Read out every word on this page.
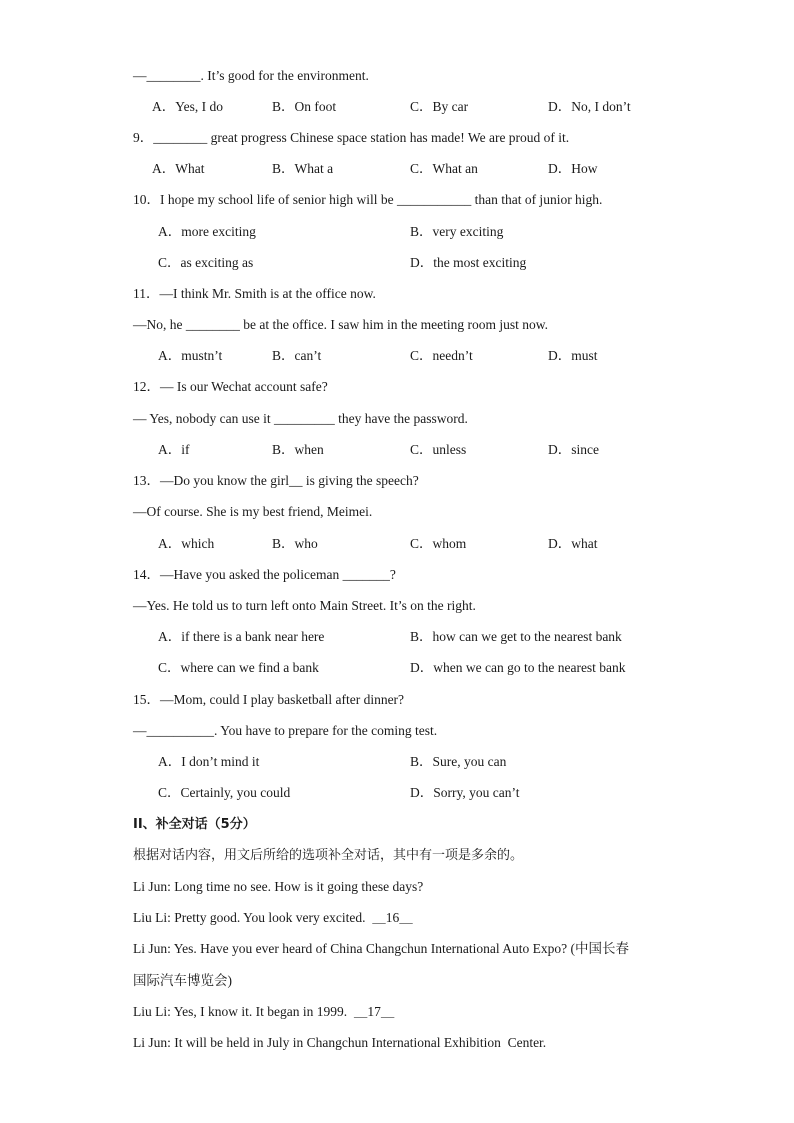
—________. It’s good for the environment.
A．Yes, I do	B．On foot	C．By car	D．No, I don’t
9．________ great progress Chinese space station has made! We are proud of it.
A．What	B．What a	C．What an	D．How
10．I hope my school life of senior high will be ___________ than that of junior high.
A．more exciting	B．very exciting
C．as exciting as	D．the most exciting
11．—I think Mr. Smith is at the office now.
—No, he ________ be at the office. I saw him in the meeting room just now.
A．mustn’t	B．can’t	C．needn’t	D．must
12．— Is our Wechat account safe?
— Yes, nobody can use it _________ they have the password.
A．if	B．when	C．unless	D．since
13．—Do you know the girl__ is giving the speech?
—Of course. She is my best friend, Meimei.
A．which	B．who	C．whom	D．what
14．—Have you asked the policeman _______?
—Yes. He told us to turn left onto Main Street. It’s on the right.
A．if there is a bank near here	B．how can we get to the nearest bank
C．where can we find a bank	D．when we can go to the nearest bank
15．—Mom, could I play basketball after dinner?
—__________. You have to prepare for the coming test.
A．I don’t mind it	B．Sure, you can
C．Certainly, you could	D．Sorry, you can’t
II、补全对话（5分）
根据对话内容，用文后所给的选项补全对话，其中有一项是多余的。
Li Jun: Long time no see. How is it going these days?
Liu Li: Pretty good. You look very excited.  ＿16＿
Li Jun: Yes. Have you ever heard of China Changchun International Auto Expo? (中国长春
国际汽车博览会)
Liu Li: Yes, I know it. It began in 1999.  ＿17＿
Li Jun: It will be held in July in Changchun International Exhibition  Center.
